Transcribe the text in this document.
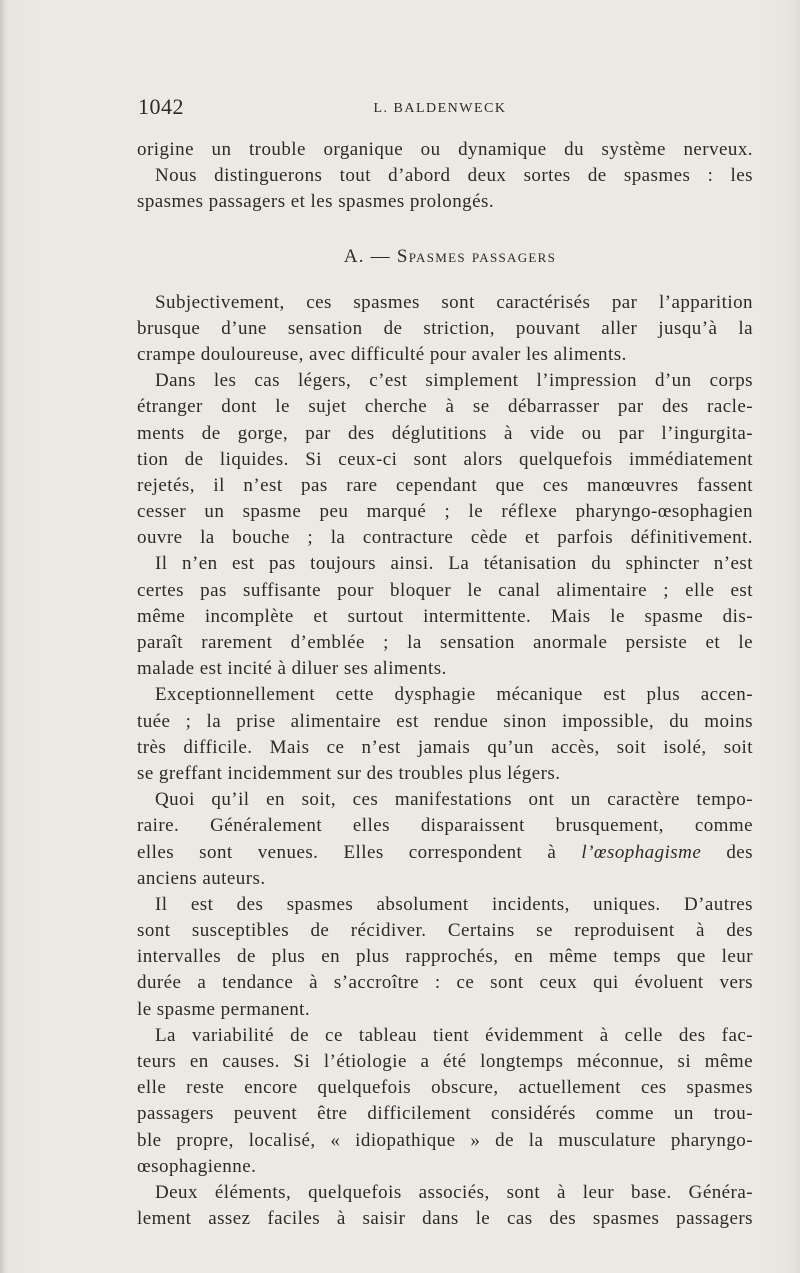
1042	L. BALDENWECK
origine un trouble organique ou dynamique du système nerveux.
Nous distinguerons tout d’abord deux sortes de spasmes : les
spasmes passagers et les spasmes prolongés.
A. — Spasmes passagers
Subjectivement, ces spasmes sont caractérisés par l’apparition
brusque d’une sensation de striction, pouvant aller jusqu’à la
crampe douloureuse, avec difficulté pour avaler les aliments.
Dans les cas légers, c’est simplement l’impression d’un corps
étranger dont le sujet cherche à se débarrasser par des racle-
ments de gorge, par des déglutitions à vide ou par l’ingurgita-
tion de liquides. Si ceux-ci sont alors quelquefois immédiatement
rejetés, il n’est pas rare cependant que ces manœuvres fassent
cesser un spasme peu marqué ; le réflexe pharyngo-œsophagien
ouvre la bouche ; la contracture cède et parfois définitivement.
Il n’en est pas toujours ainsi. La tétanisation du sphincter n’est
certes pas suffisante pour bloquer le canal alimentaire ; elle est
même incomplète et surtout intermittente. Mais le spasme dis-
paraît rarement d’emblée ; la sensation anormale persiste et le
malade est incité à diluer ses aliments.
Exceptionnellement cette dysphagie mécanique est plus accen-
tuée ; la prise alimentaire est rendue sinon impossible, du moins
très difficile. Mais ce n’est jamais qu’un accès, soit isolé, soit
se greffant incidemment sur des troubles plus légers.
Quoi qu’il en soit, ces manifestations ont un caractère tempo-
raire. Généralement elles disparaissent brusquement, comme
elles sont venues. Elles correspondent à l’œsophagisme des
anciens auteurs.
Il est des spasmes absolument incidents, uniques. D’autres
sont susceptibles de récidiver. Certains se reproduisent à des
intervalles de plus en plus rapprochés, en même temps que leur
durée a tendance à s’accroître : ce sont ceux qui évoluent vers
le spasme permanent.
La variabilité de ce tableau tient évidemment à celle des fac-
teurs en causes. Si l’étiologie a été longtemps méconnue, si même
elle reste encore quelquefois obscure, actuellement ces spasmes
passagers peuvent être difficilement considérés comme un trou-
ble propre, localisé, « idiopathique » de la musculature pharyngo-
œsophagienne.
Deux éléments, quelquefois associés, sont à leur base. Généra-
lement assez faciles à saisir dans le cas des spasmes passagers
